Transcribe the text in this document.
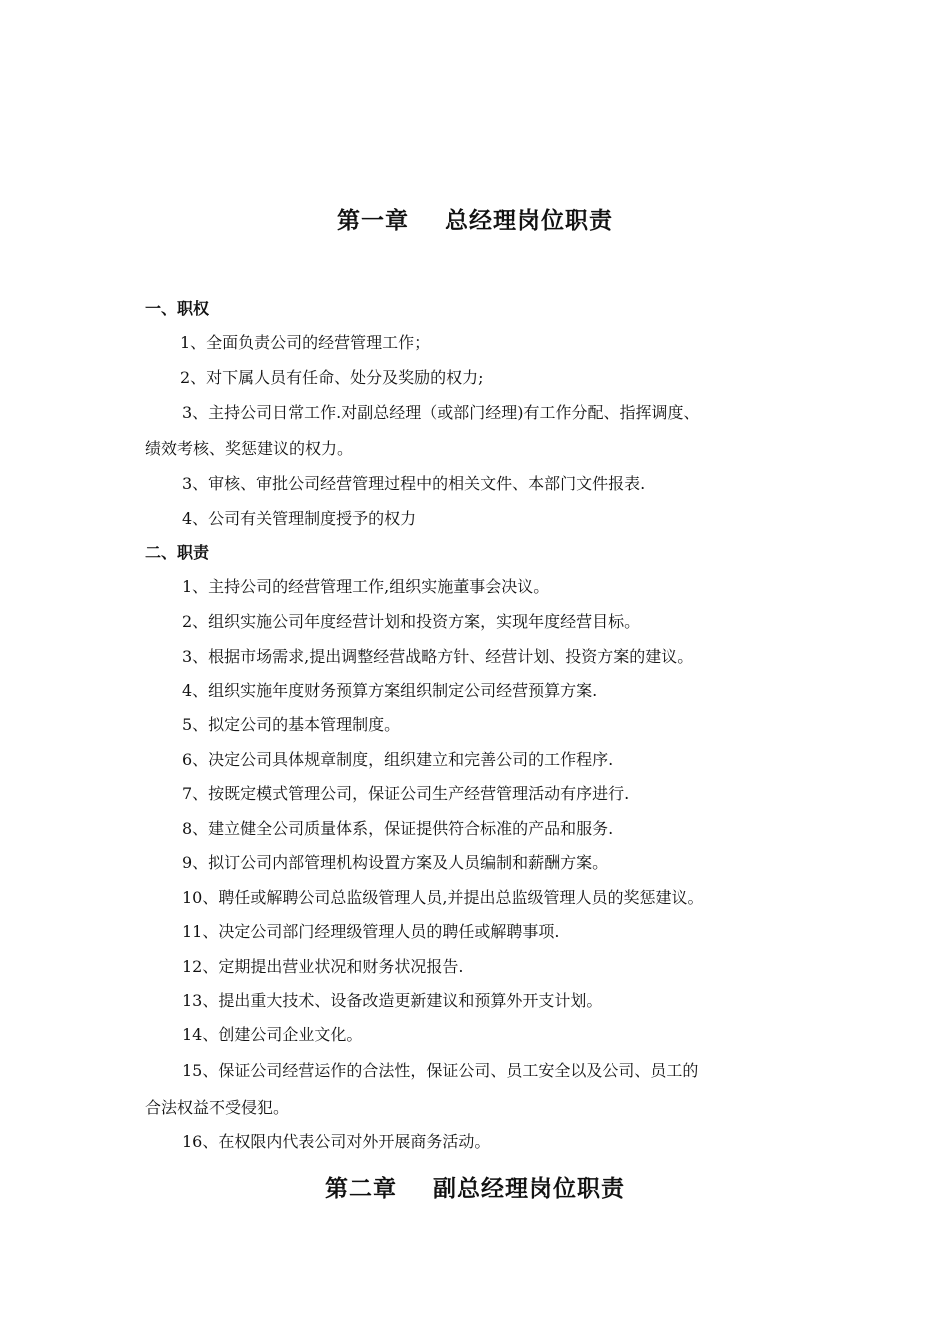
第一章    总经理岗位职责
一、职权
1、全面负责公司的经营管理工作；
2、对下属人员有任命、处分及奖励的权力;
3、主持公司日常工作.对副总经理（或部门经理)有工作分配、指挥调度、
绩效考核、奖惩建议的权力。
3、审核、审批公司经营管理过程中的相关文件、本部门文件报表.
4、公司有关管理制度授予的权力
二、职责
1、主持公司的经营管理工作,组织实施董事会决议。
2、组织实施公司年度经营计划和投资方案，实现年度经营目标。
3、根据市场需求,提出调整经营战略方针、经营计划、投资方案的建议。
4、组织实施年度财务预算方案组织制定公司经营预算方案.
5、拟定公司的基本管理制度。
6、决定公司具体规章制度，组织建立和完善公司的工作程序.
7、按既定模式管理公司，保证公司生产经营管理活动有序进行.
8、建立健全公司质量体系，保证提供符合标准的产品和服务.
9、拟订公司内部管理机构设置方案及人员编制和薪酬方案。
10、聘任或解聘公司总监级管理人员,并提出总监级管理人员的奖惩建议。
11、决定公司部门经理级管理人员的聘任或解聘事项.
12、定期提出营业状况和财务状况报告.
13、提出重大技术、设备改造更新建议和预算外开支计划。
14、创建公司企业文化。
15、保证公司经营运作的合法性，保证公司、员工安全以及公司、员工的
合法权益不受侵犯。
16、在权限内代表公司对外开展商务活动。
第二章    副总经理岗位职责
